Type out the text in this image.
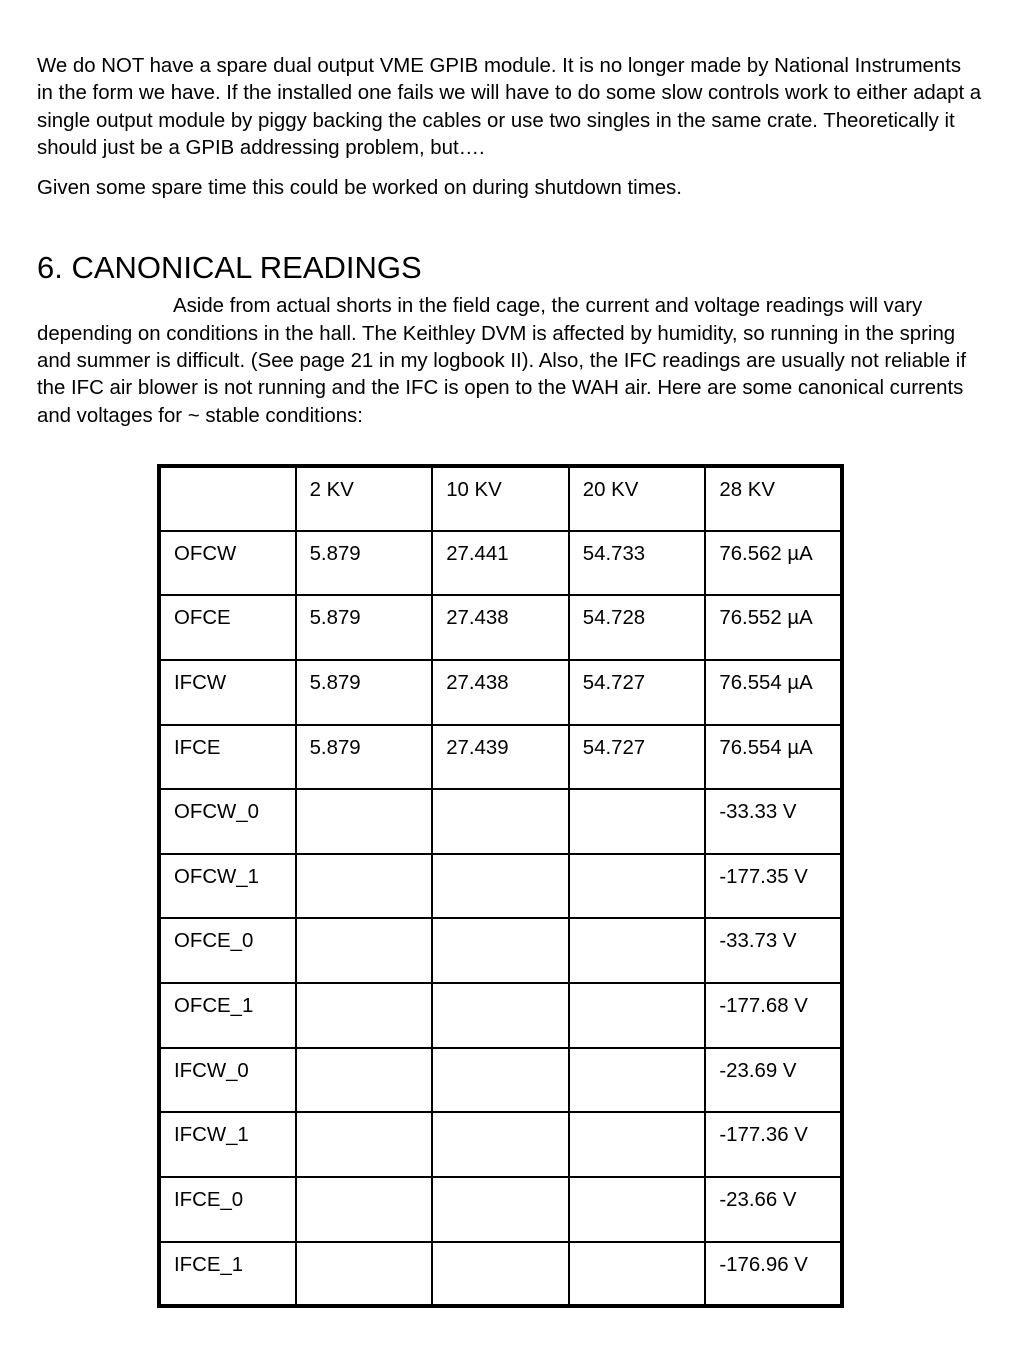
We do NOT have a spare dual output VME GPIB module. It is no longer made by National Instruments in the form we have. If the installed one fails we will have to do some slow controls work to either adapt a single output module by piggy backing the cables or use two singles in the same crate. Theoretically it should just be a GPIB addressing problem, but….

Given some spare time this could be worked on during shutdown times.

6. CANONICAL READINGS

Aside from actual shorts in the field cage, the current and voltage readings will vary depending on conditions in the hall. The Keithley DVM is affected by humidity, so running in the spring and summer is difficult. (See page 21 in my logbook II). Also, the IFC readings are usually not reliable if the IFC air blower is not running and the IFC is open to the WAH air. Here are some canonical currents and voltages for ~ stable conditions:

	2 KV	10 KV	20 KV	28 KV
OFCW	5.879	27.441	54.733	76.562 µA
OFCE	5.879	27.438	54.728	76.552 µA
IFCW	5.879	27.438	54.727	76.554 µA
IFCE	5.879	27.439	54.727	76.554 µA
OFCW_0				-33.33 V
OFCW_1				-177.35 V
OFCE_0				-33.73 V
OFCE_1				-177.68 V
IFCW_0				-23.69 V
IFCW_1				-177.36 V
IFCE_0				-23.66 V
IFCE_1				-176.96 V
